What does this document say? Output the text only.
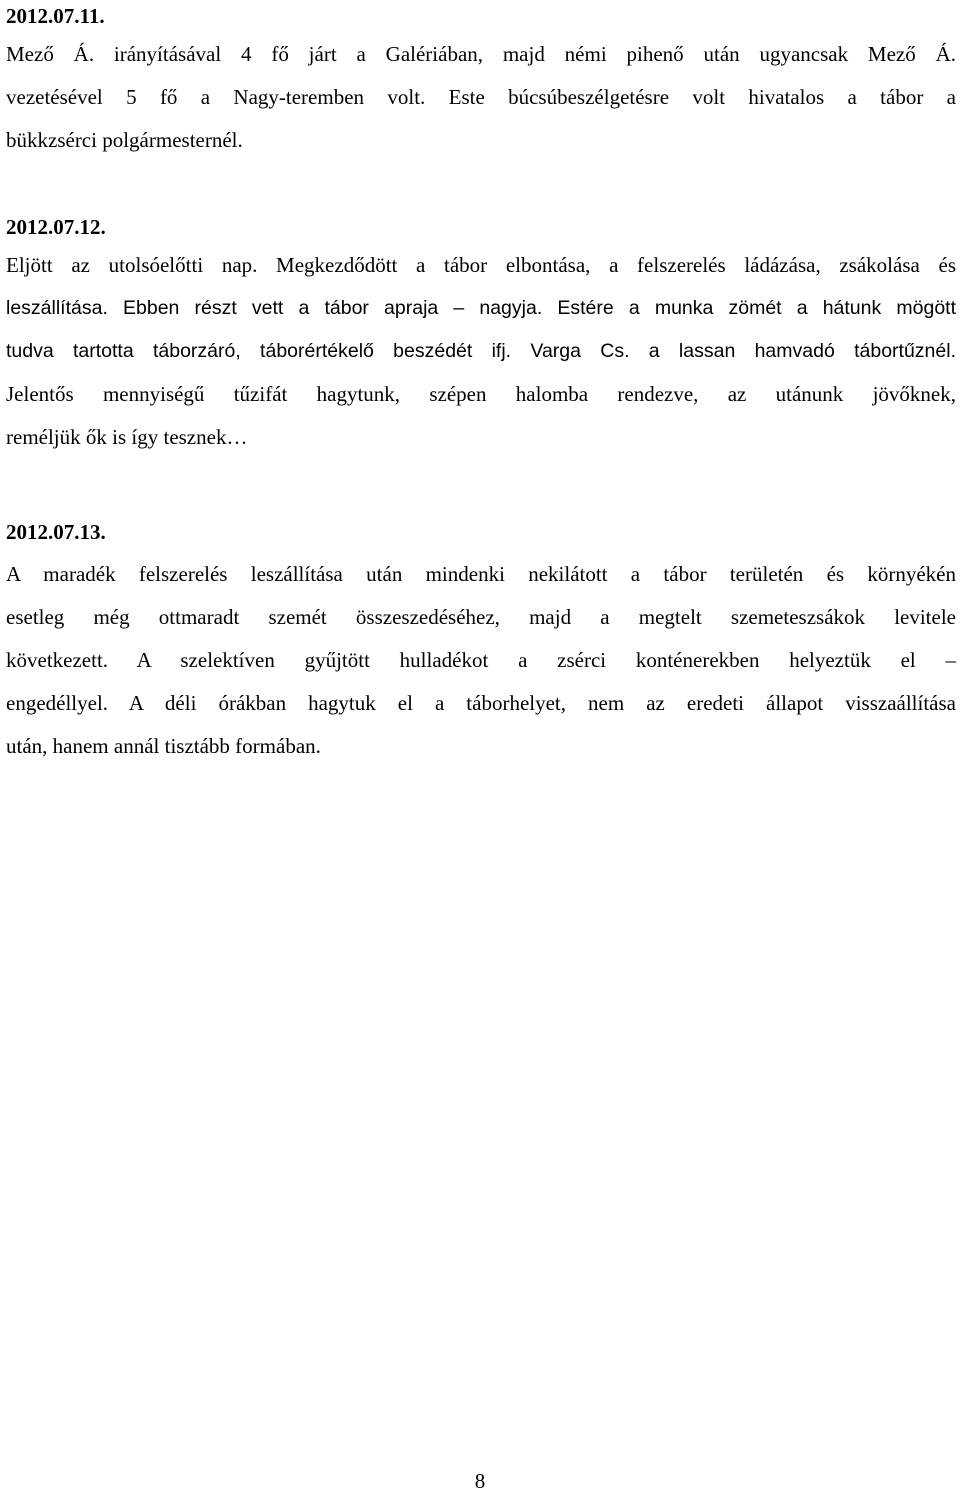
2012.07.11.
Mező Á. irányításával 4 fő járt a Galériában, majd némi pihenő után ugyancsak Mező Á.
vezetésével 5 fő a Nagy-teremben volt. Este búcsúbeszélgetésre volt hivatalos a tábor a
bükkzsérci polgármesternél.
2012.07.12.
Eljött az utolsóelőtti nap. Megkezdődött a tábor elbontása, a felszerelés ládázása, zsákolása és
leszállítása. Ebben részt vett a tábor apraja – nagyja. Estére a munka zömét a hátunk mögött
tudva tartotta táborzáró, táborértékelő beszédét ifj. Varga Cs. a lassan hamvadó tábortűznél.
Jelentős mennyiségű tűzifát hagytunk, szépen halomba rendezve, az utánunk jövőknek,
reméljük ők is így tesznek…
2012.07.13.
A maradék felszerelés leszállítása után mindenki nekilátott a tábor területén és környékén
esetleg még ottmaradt szemét összeszedéséhez, majd a megtelt szemeteszsákok levitele
következett. A szelektíven gyűjtött hulladékot a zsérci konténerekben helyeztük el –
engedéllyel. A déli órákban hagytuk el a táborhelyet, nem az eredeti állapot visszaállítása
után, hanem annál tisztább formában.
8
